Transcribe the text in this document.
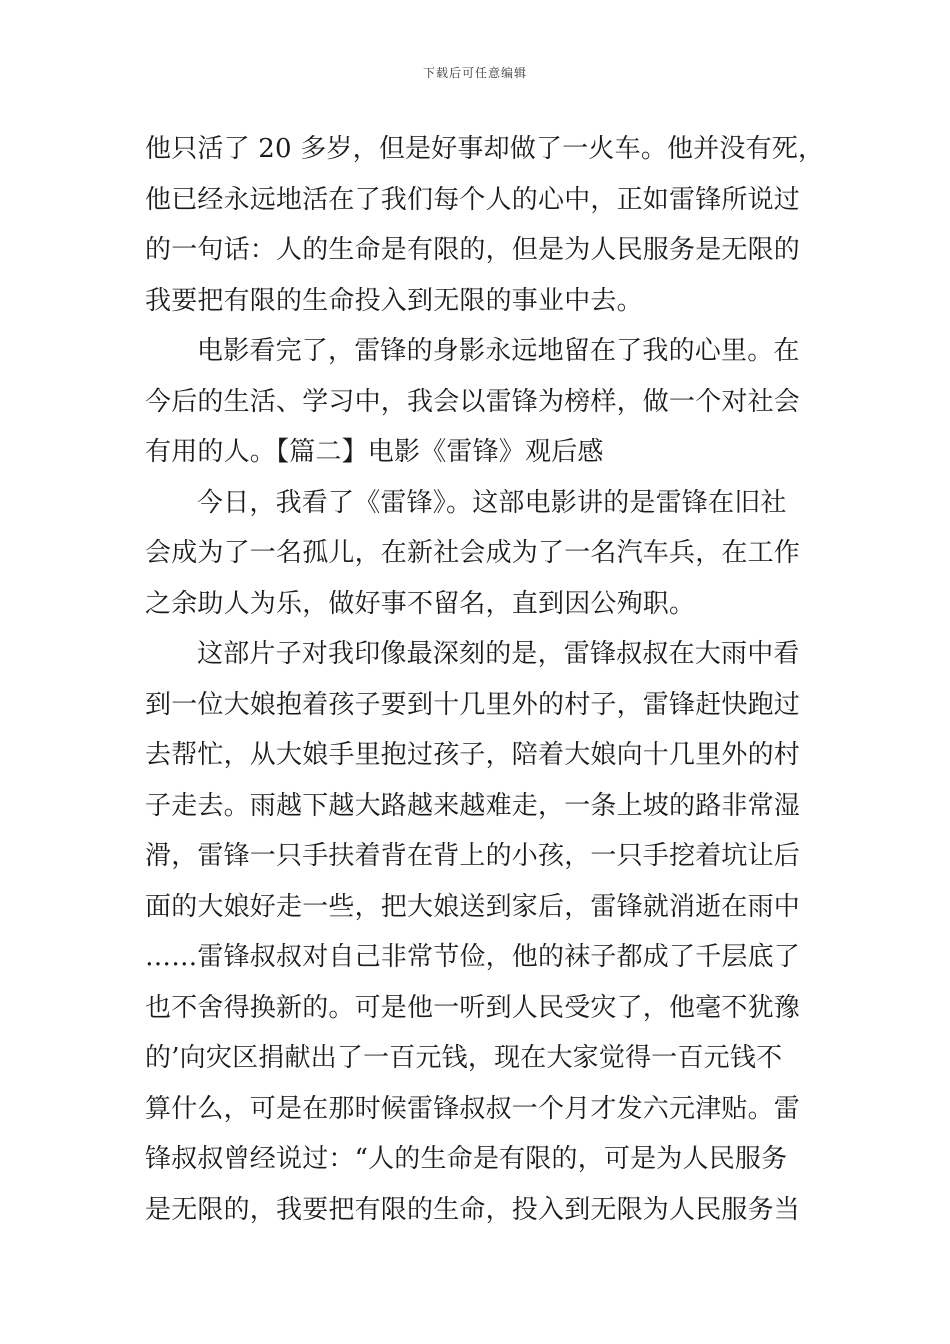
下载后可任意编辑
他只活了 20 多岁，但是好事却做了一火车。他并没有死，
他已经永远地活在了我们每个人的心中，正如雷锋所说过
的一句话：人的生命是有限的，但是为人民服务是无限的
我要把有限的生命投入到无限的事业中去。
电影看完了，雷锋的身影永远地留在了我的心里。在
今后的生活、学习中，我会以雷锋为榜样，做一个对社会
有用的人。【篇二】电影《雷锋》观后感
今日，我看了《雷锋》。这部电影讲的是雷锋在旧社
会成为了一名孤儿，在新社会成为了一名汽车兵，在工作
之余助人为乐，做好事不留名，直到因公殉职。
这部片子对我印像最深刻的是，雷锋叔叔在大雨中看
到一位大娘抱着孩子要到十几里外的村子，雷锋赶快跑过
去帮忙，从大娘手里抱过孩子，陪着大娘向十几里外的村
子走去。雨越下越大路越来越难走，一条上坡的路非常湿
滑，雷锋一只手扶着背在背上的小孩，一只手挖着坑让后
面的大娘好走一些，把大娘送到家后，雷锋就消逝在雨中
……雷锋叔叔对自己非常节俭，他的袜子都成了千层底了
也不舍得换新的。可是他一听到人民受灾了，他毫不犹豫
的’向灾区捐献出了一百元钱，现在大家觉得一百元钱不
算什么，可是在那时候雷锋叔叔一个月才发六元津贴。雷
锋叔叔曾经说过：“人的生命是有限的，可是为人民服务
是无限的，我要把有限的生命，投入到无限为人民服务当
